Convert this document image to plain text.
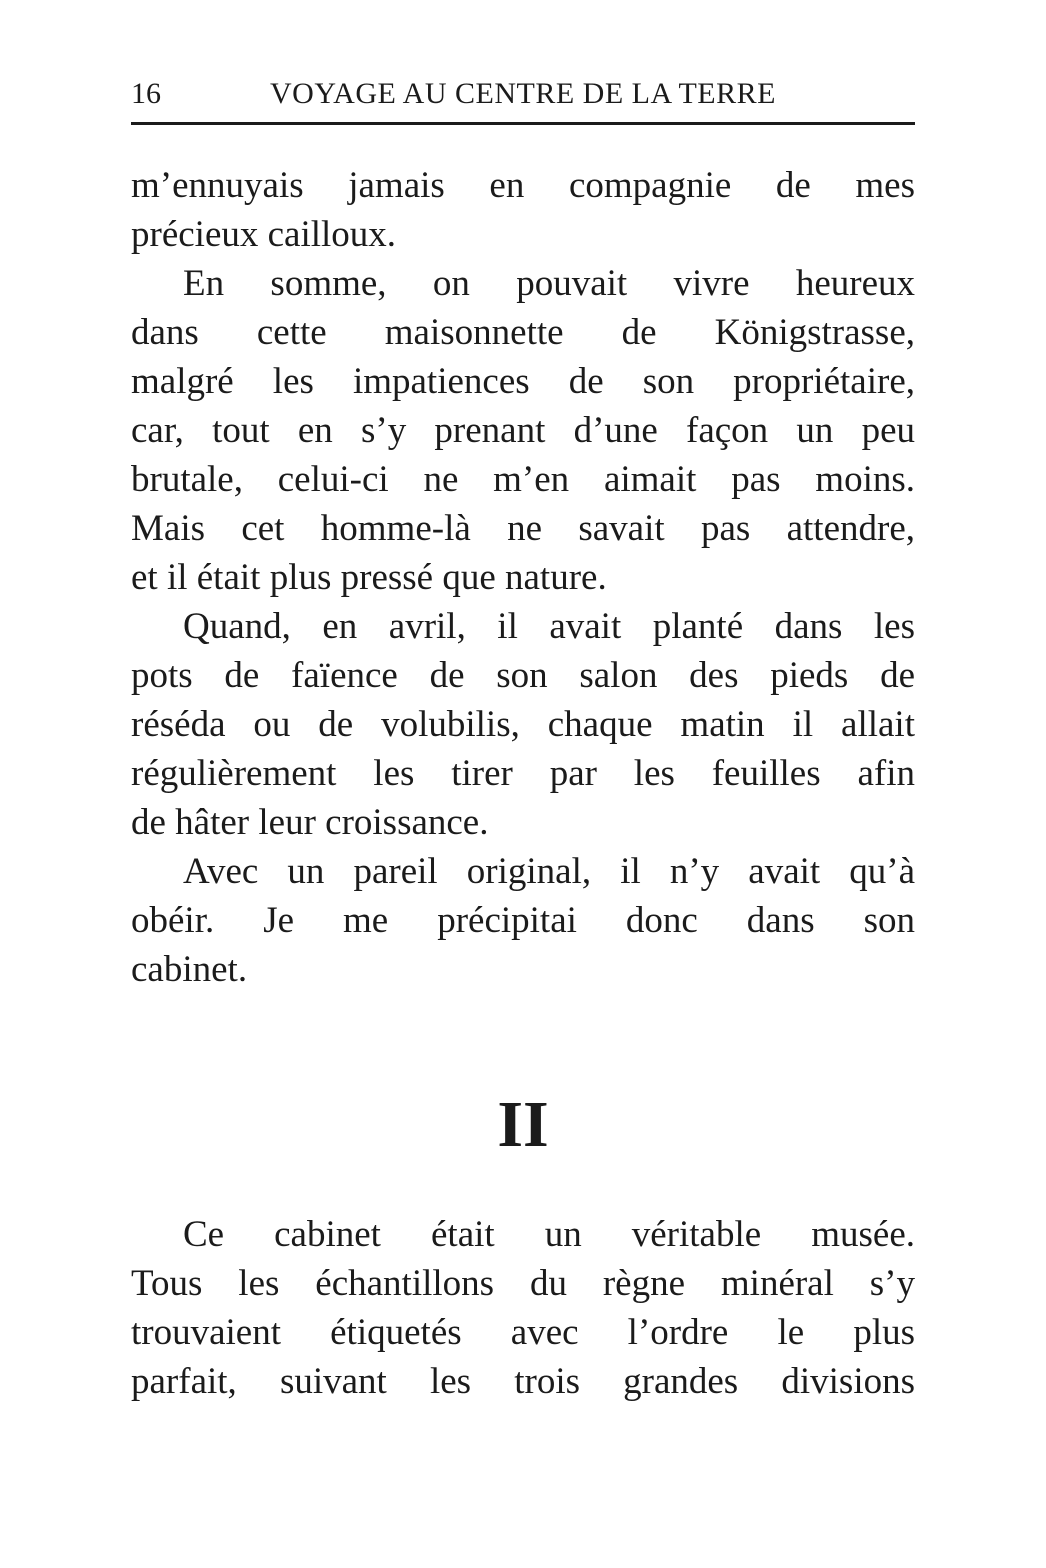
16	VOYAGE AU CENTRE DE LA TERRE
m’ennuyais jamais en compagnie de mes
précieux cailloux.
En somme, on pouvait vivre heureux
dans cette maisonnette de Königstrasse,
malgré les impatiences de son propriétaire,
car, tout en s’y prenant d’une façon un peu
brutale, celui-ci ne m’en aimait pas moins.
Mais cet homme-là ne savait pas attendre,
et il était plus pressé que nature.
Quand, en avril, il avait planté dans les
pots de faïence de son salon des pieds de
réséda ou de volubilis, chaque matin il allait
régulièrement les tirer par les feuilles afin
de hâter leur croissance.
Avec un pareil original, il n’y avait qu’à
obéir. Je me précipitai donc dans son
cabinet.
II
Ce cabinet était un véritable musée.
Tous les échantillons du règne minéral s’y
trouvaient étiquetés avec l’ordre le plus
parfait, suivant les trois grandes divisions
